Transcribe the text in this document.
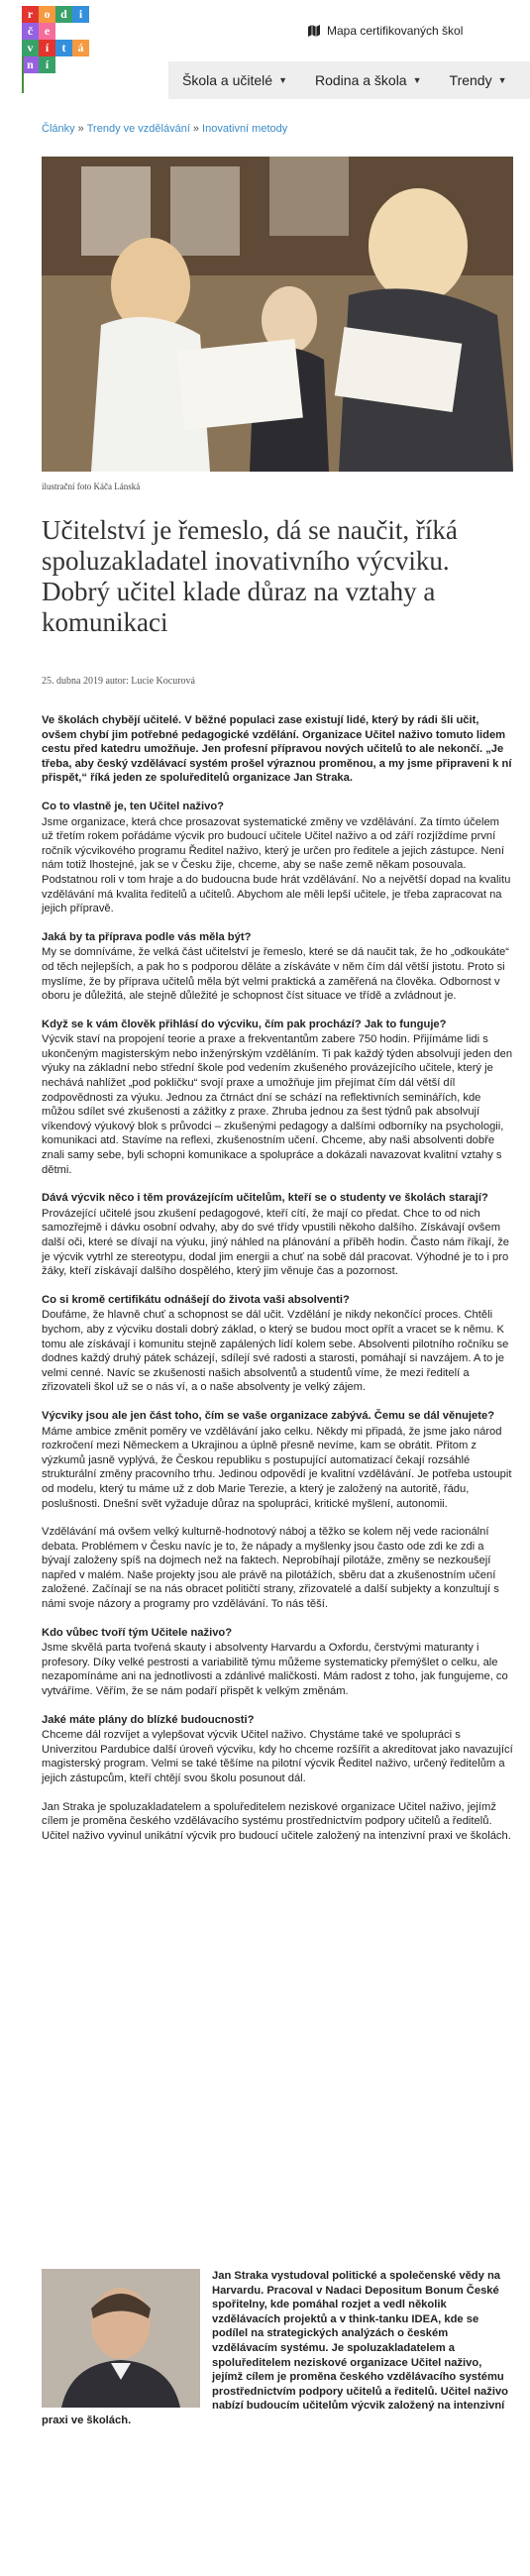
r o d i
č e
v	í	t	á
n í
Mapa certifikovaných škol
Škola a učitelé ▼ Rodina a škola ▼ Trendy ▼
Články » Trendy ve vzdělávání » Inovativní metody
ilustrační foto Káča Lánská
Učitelství je řemeslo, dá se naučit, říká spoluzakladatel inovativního výcviku. Dobrý učitel klade důraz na vztahy a komunikaci
25. dubna 2019 autor: Lucie Kocurová

Ve školách chybějí učitelé. V běžné populaci zase existují lidé, který by rádi šli učit, ovšem chybí jim potřebné pedagogické vzdělání. Organizace Učitel naživo tomuto lidem cestu před katedru umožňuje. Jen profesní přípravou nových učitelů to ale nekončí. „Je třeba, aby český vzdělávací systém prošel výraznou proměnou, a my jsme připraveni k ní přispět,“ říká jeden ze spoluředitelů organizace Jan Straka.

Co to vlastně je, ten Učitel naživo?

Jsme organizace, která chce prosazovat systematické změny ve vzdělávání. Za tímto účelem už třetím rokem pořádáme výcvik pro budoucí učitele Učitel naživo a od září rozjíždíme první ročník výcvikového programu Ředitel naživo, který je určen pro ředitele a jejich zástupce. Není nám totiž lhostejné, jak se v Česku žije, chceme, aby se naše země někam posouvala. Podstatnou roli v tom hraje a do budoucna bude hrát vzdělávání. No a největší dopad na kvalitu vzdělávání má kvalita ředitelů a učitelů. Abychom ale měli lepší učitele, je třeba zapracovat na jejich přípravě.

Jaká by ta příprava podle vás měla být?

My se domníváme, že velká část učitelství je řemeslo, které se dá naučit tak, že ho „odkoukáte“ od těch nejlepších, a pak ho s podporou děláte a získáváte v něm čím dál větší jistotu. Proto si myslíme, že by příprava učitelů měla být velmi praktická a zaměřená na člověka. Odbornost v oboru je důležitá, ale stejně důležité je schopnost číst situace ve třídě a zvládnout je.

Když se k vám člověk přihlásí do výcviku, čím pak prochází? Jak to funguje?

Výcvik staví na propojení teorie a praxe a frekventantům zabere 750 hodin. Přijímáme lidi s ukončeným magisterským nebo inženýrským vzděláním. Ti pak každý týden absolvují jeden den výuky na základní nebo střední škole pod vedením zkušeného provázejícího učitele, který je nechává nahlížet „pod pokličku“ svojí praxe a umožňuje jim přejímat čím dál větší díl zodpovědnosti za výuku. Jednou za čtrnáct dní se schází na reflektivních seminářích, kde můžou sdílet své zkušenosti a zážitky z praxe. Zhruba jednou za šest týdnů pak absolvují víkendový výukový blok s průvodci – zkušenými pedagogy a dalšími odborníky na psychologii, komunikaci atd. Stavíme na reflexi, zkušenostním učení. Chceme, aby naši absolventi dobře znali samy sebe, byli schopni komunikace a spolupráce a dokázali navazovat kvalitní vztahy s dětmi.

Dává výcvik něco i těm provázejícím učitelům, kteří se o studenty ve školách starají?

Provázející učitelé jsou zkušení pedagogové, kteří cítí, že mají co předat. Chce to od nich samozřejmě i dávku osobní odvahy, aby do své třídy vpustili někoho dalšího. Získávají ovšem další oči, které se dívají na výuku, jiný náhled na plánování a příběh hodin. Často nám říkají, že je výcvik vytrhl ze stereotypu, dodal jim energii a chuť na sobě dál pracovat. Výhodné je to i pro žáky, kteří získávají dalšího dospělého, který jim věnuje čas a pozornost.

Co si kromě certifikátu odnášejí do života vaši absolventi?

Doufáme, že hlavně chuť a schopnost se dál učit. Vzdělání je nikdy nekončící proces. Chtěli bychom, aby z výcviku dostali dobrý základ, o který se budou moct opřít a vracet se k němu. K tomu ale získávají i komunitu stejně zapálených lidí kolem sebe. Absolventi pilotního ročníku se dodnes každý druhý pátek scházejí, sdílejí své radosti a starosti, pomáhají si navzájem. A to je velmi cenné. Navíc se zkušenosti našich absolventů a studentů víme, že mezi ředitelí a zřizovateli škol už se o nás ví, a o naše absolventy je velký zájem.

Výcviky jsou ale jen část toho, čím se vaše organizace zabývá. Čemu se dál věnujete?

Máme ambice změnit poměry ve vzdělávání jako celku. Někdy mi připadá, že jsme jako národ rozkročení mezi Německem a Ukrajinou a úplně přesně nevíme, kam se obrátit. Přitom z výzkumů jasně vyplývá, že Českou republiku s postupující automatizací čekají rozsáhlé strukturální změny pracovního trhu. Jedinou odpovědí je kvalitní vzdělávání. Je potřeba ustoupit od modelu, který tu máme už z dob Marie Terezie, a který je založený na autoritě, řádu, poslušnosti. Dnešní svět vyžaduje důraz na spolupráci, kritické myšlení, autonomii.

Vzdělávání má ovšem velký kulturně-hodnotový náboj a těžko se kolem něj vede racionální debata. Problémem v Česku navíc je to, že nápady a myšlenky jsou často ode zdi ke zdi a bývají založeny spíš na dojmech než na faktech. Neprobíhají pilotáže, změny se nezkoušejí napřed v malém. Naše projekty jsou ale právě na pilotážích, sběru dat a zkušenostním učení založené. Začínají se na nás obracet političtí strany, zřizovatelé a další subjekty a konzultují s námi svoje názory a programy pro vzdělávání. To nás těší.

Kdo vůbec tvoří tým Učitele naživo?

Jsme skvělá parta tvořená skauty i absolventy Harvardu a Oxfordu, čerstvými maturanty i profesory. Díky velké pestrosti a variabilitě týmu můžeme systematicky přemýšlet o celku, ale nezapomínáme ani na jednotlivosti a zdánlivé maličkosti. Mám radost z toho, jak fungujeme, co vytváříme. Věřím, že se nám podaří přispět k velkým změnám.

Jaké máte plány do blízké budoucnosti?

Chceme dál rozvíjet a vylepšovat výcvik Učitel naživo. Chystáme také ve spolupráci s Univerzitou Pardubice další úroveň výcviku, kdy ho chceme rozšířit a akreditovat jako navazující magisterský program. Velmi se také těšíme na pilotní výcvik Ředitel naživo, určený ředitelům a jejich zástupcům, kteří chtějí svou školu posunout dál.

Jan Straka je spoluzakladatelem a spoluředitelem neziskové organizace Učitel naživo, jejímž cílem je proměna českého vzdělávacího systému prostřednictvím podpory učitelů a ředitelů. Učitel naživo vyvinul unikátní výcvik pro budoucí učitele založený na intenzivní praxi ve školách.

Jan Straka vystudoval politické a společenské vědy na Harvardu. Pracoval v Nadaci Depositum Bonum České spořitelny, kde pomáhal rozjet a vedl několik vzdělávacích projektů a v think-tanku IDEA, kde se podílel na strategických analýzách o českém vzdělávacím systému. Je spoluzakladatelem a spoluředitelem neziskové organizace Učitel naživo, jejímž cílem je proměna českého vzdělávacího systému prostřednictvím podpory učitelů a ředitelů. Učitel naživo nabízí budoucím učitelům výcvik založený na intenzivní praxi ve školách.
